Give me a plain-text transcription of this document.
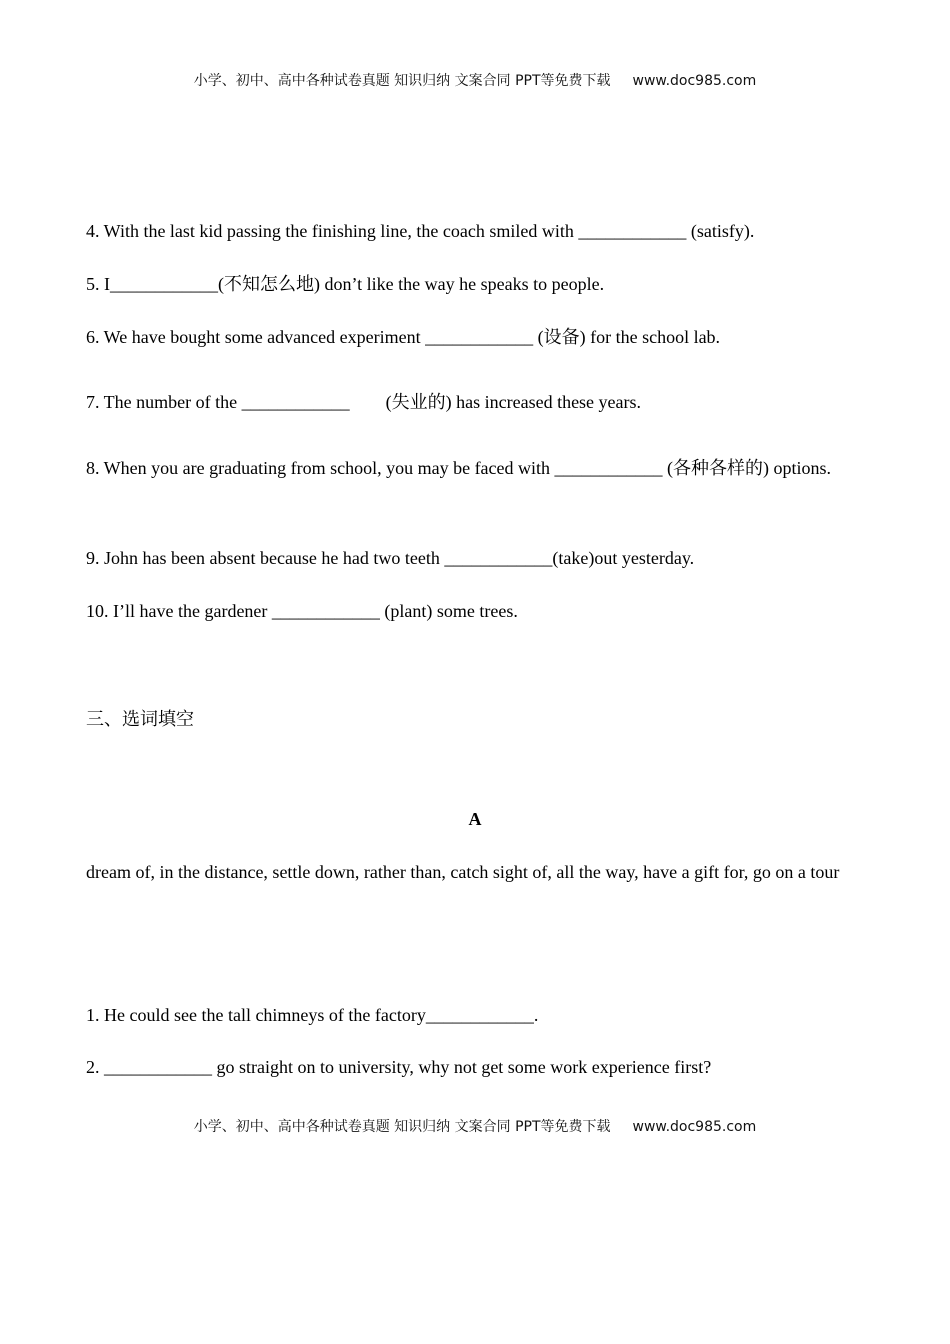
小学、初中、高中各种试卷真题 知识归纳 文案合同 PPT等免费下载 www.doc985.com
4. With the last kid passing the finishing line, the coach smiled with ____________ (satisfy).
5. I____________(不知怎么地) don’t like the way he speaks to people.
6. We have bought some advanced experiment ____________ (设备) for the school lab.
7. The number of the ____________        (失业的) has increased these years.
8. When you are graduating from school, you may be faced with ____________ (各种各样的) options.
9. John has been absent because he had two teeth ____________(take)out yesterday.
10. I’ll have the gardener ____________ (plant) some trees.
三、选词填空
A
dream of, in the distance, settle down, rather than, catch sight of, all the way, have a gift for, go on a tour
1. He could see the tall chimneys of the factory____________.
2. ____________ go straight on to university, why not get some work experience first?
小学、初中、高中各种试卷真题 知识归纳 文案合同 PPT等免费下载 www.doc985.com
